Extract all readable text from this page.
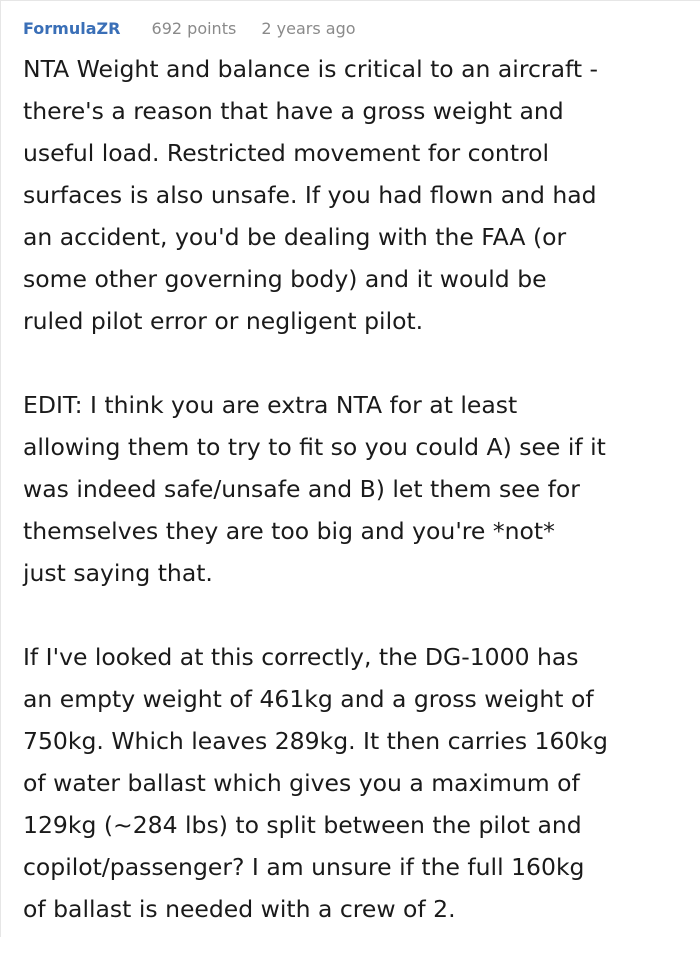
FormulaZR 692 points 2 years ago

NTA Weight and balance is critical to an aircraft -
there's a reason that have a gross weight and
useful load. Restricted movement for control
surfaces is also unsafe. If you had flown and had
an accident, you'd be dealing with the FAA (or
some other governing body) and it would be
ruled pilot error or negligent pilot.

EDIT: I think you are extra NTA for at least
allowing them to try to fit so you could A) see if it
was indeed safe/unsafe and B) let them see for
themselves they are too big and you're *not*
just saying that.

If I've looked at this correctly, the DG-1000 has
an empty weight of 461kg and a gross weight of
750kg. Which leaves 289kg. It then carries 160kg
of water ballast which gives you a maximum of
129kg (~284 lbs) to split between the pilot and
copilot/passenger? I am unsure if the full 160kg
of ballast is needed with a crew of 2.
